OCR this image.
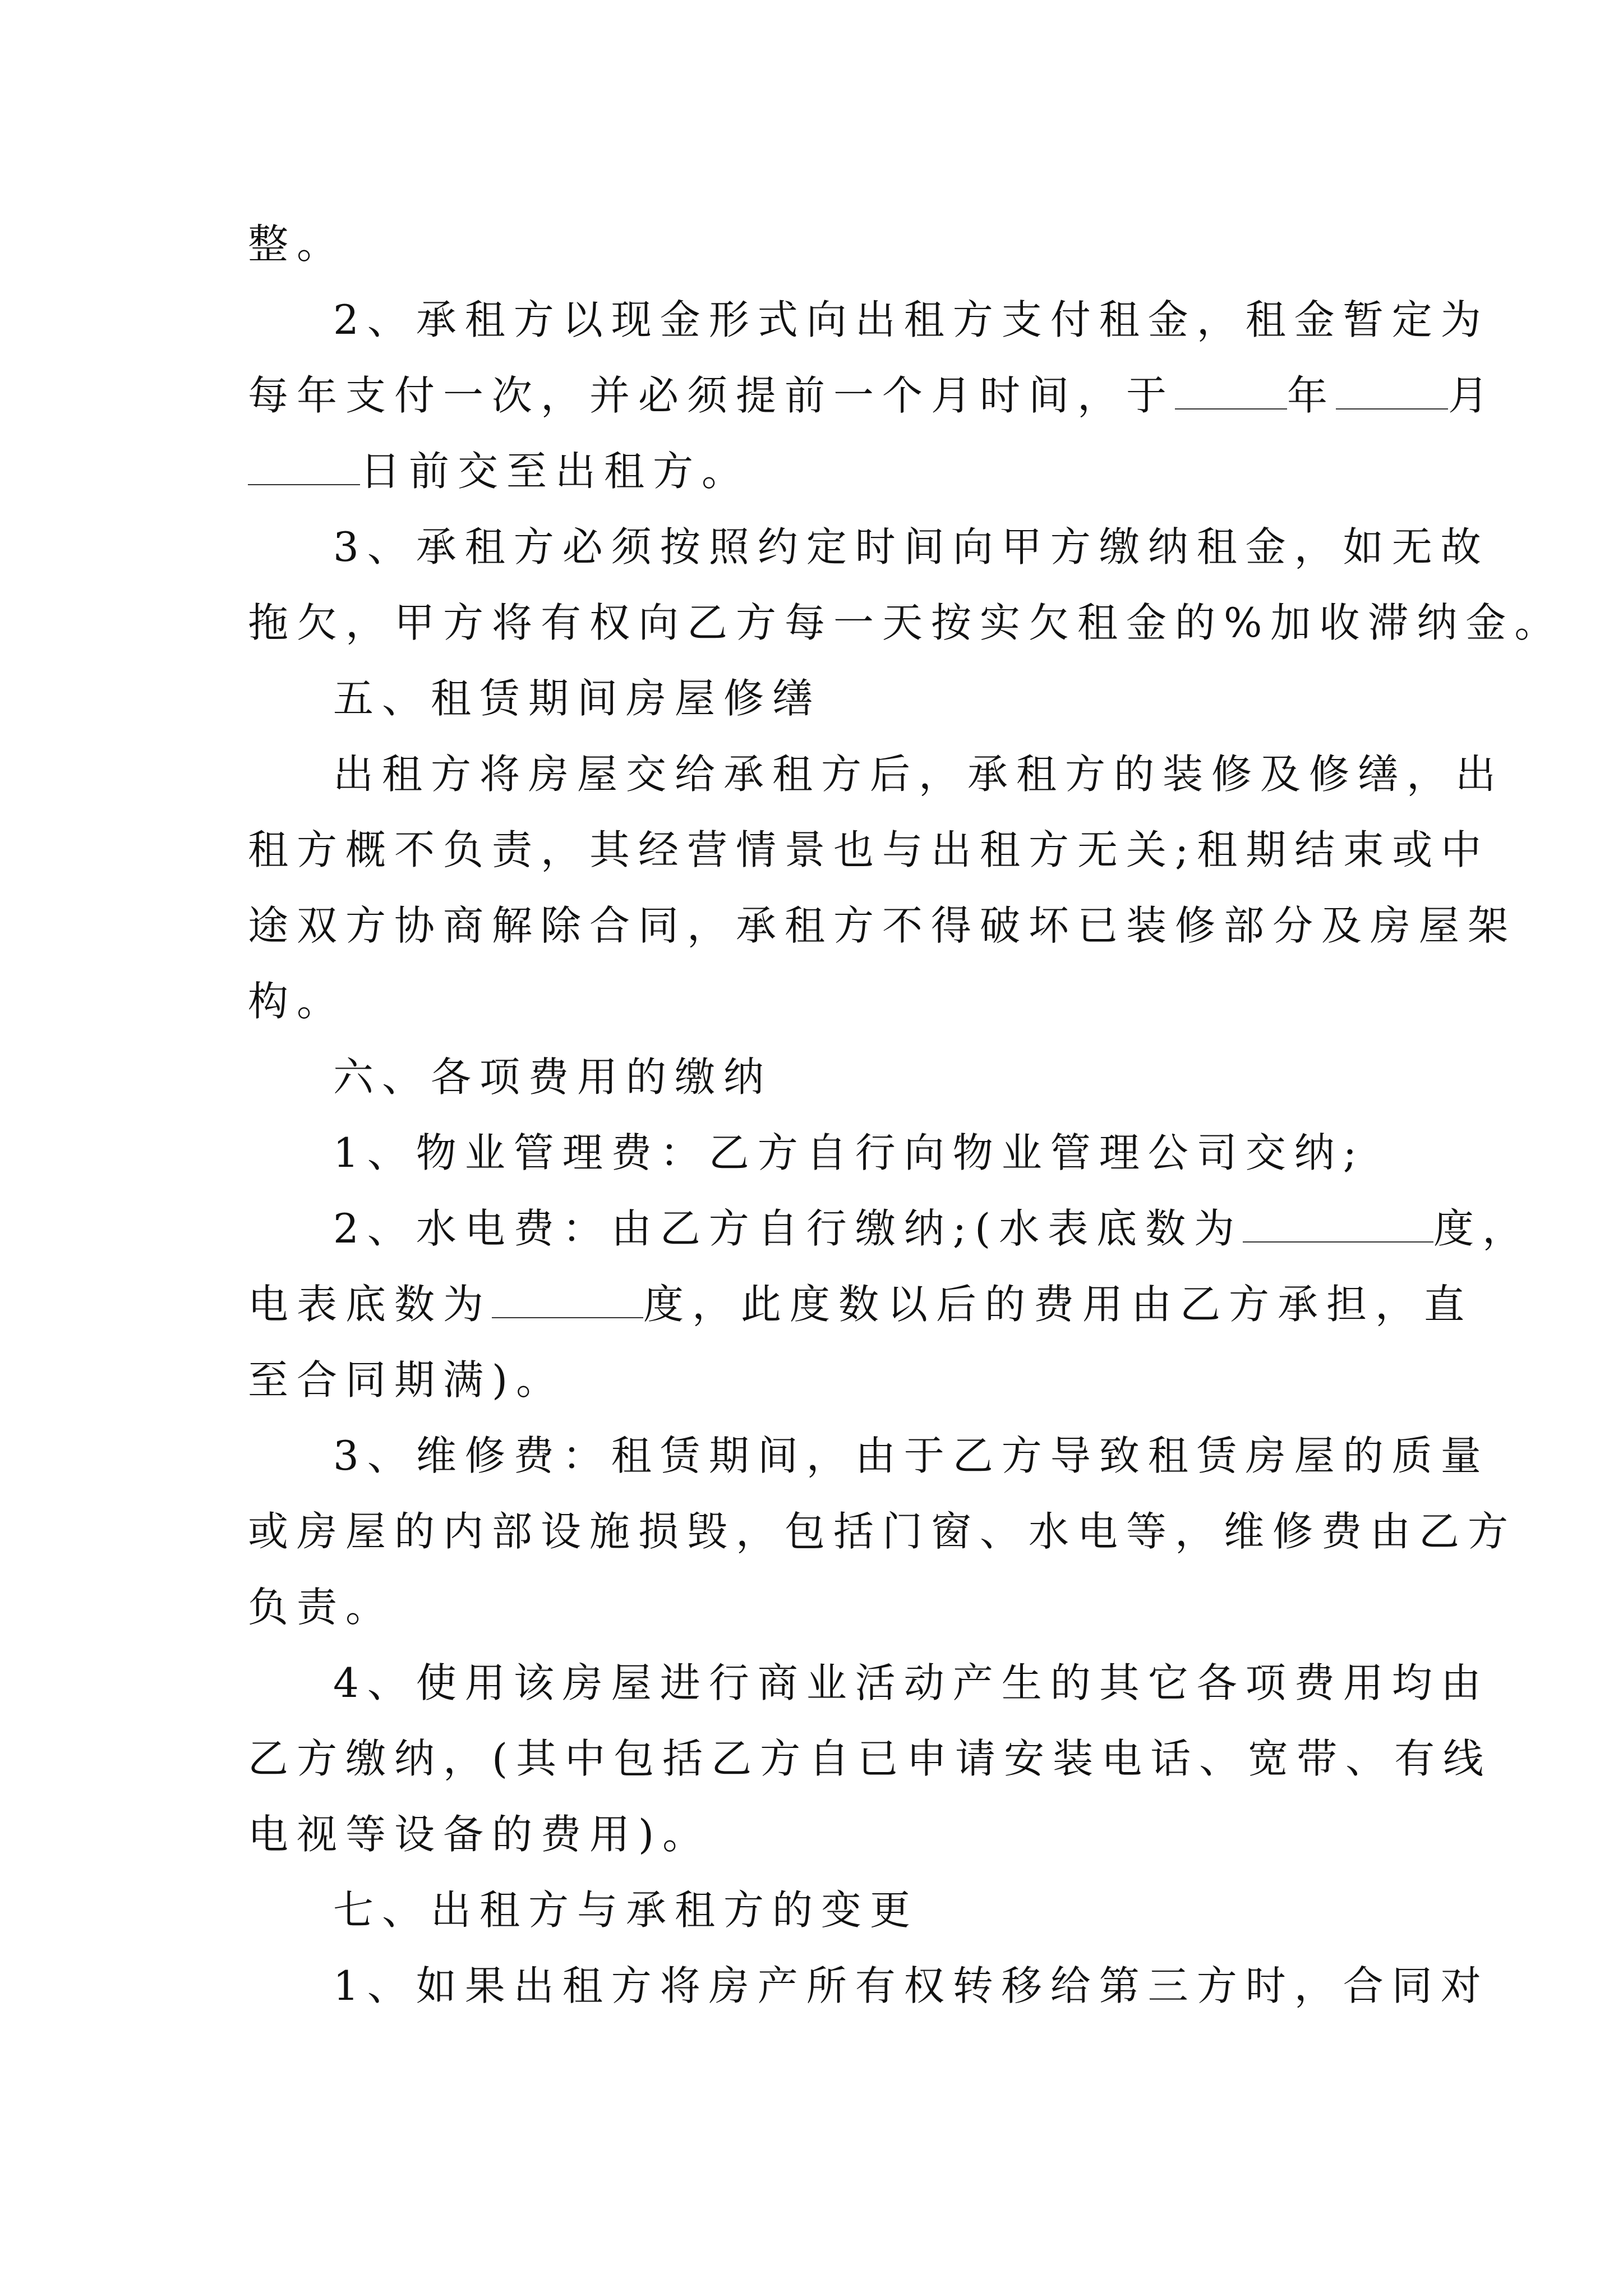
整。

2、承租方以现金形式向出租方支付租金，租金暂定为

每年支付一次，并必须提前一个月时间，于	年	月

日前交至出租方。

3、承租方必须按照约定时间向甲方缴纳租金，如无故

拖欠，甲方将有权向乙方每一天按实欠租金的%加收滞纳金。

五、租赁期间房屋修缮

出租方将房屋交给承租方后，承租方的装修及修缮，出

租方概不负责，其经营情景也与出租方无关;租期结束或中

途双方协商解除合同，承租方不得破坏已装修部分及房屋架

构。

六、各项费用的缴纳

1、物业管理费：乙方自行向物业管理公司交纳;

2、水电费：由乙方自行缴纳;(水表底数为	度，

电表底数为	度，此度数以后的费用由乙方承担，直

至合同期满)。

3、维修费：租赁期间，由于乙方导致租赁房屋的质量

或房屋的内部设施损毁，包括门窗、水电等，维修费由乙方

负责。

4、使用该房屋进行商业活动产生的其它各项费用均由

乙方缴纳，(其中包括乙方自已申请安装电话、宽带、有线

电视等设备的费用)。

七、出租方与承租方的变更

1、如果出租方将房产所有权转移给第三方时，合同对
